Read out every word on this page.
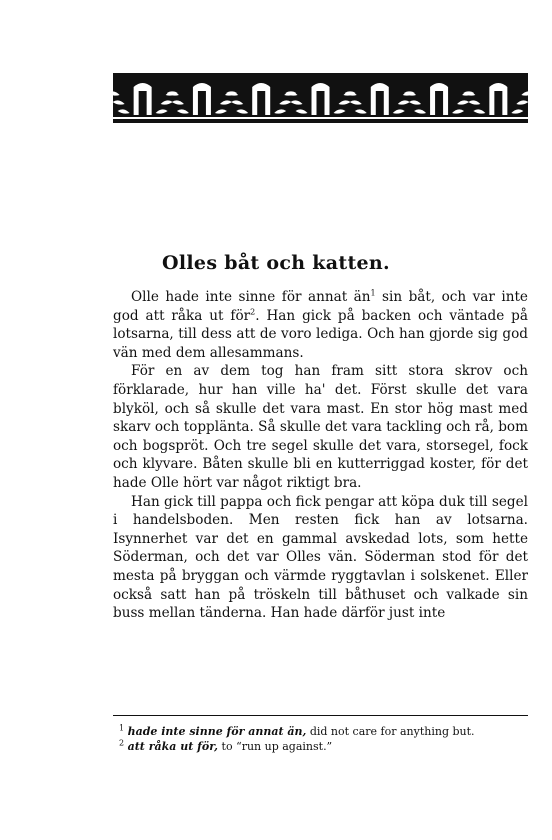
Olles båt och katten.

Olle hade inte sinne för annat $än^1$ sin båt, och var inte god att råka ut för$^2$. Han gick på backen och väntade på lotsarna, till dess att de voro lediga. Och han gjorde sig god vän med dem allesammans.

För en av dem tog han fram sitt stora skrov och förklarade, hur han ville ha' det. Först skulle det vara blyköl, och så skulle det vara mast. En stor hög mast med skarv och topplänta. Så skulle det vara tackling och rå, bom och bogspröt. Och tre segel skulle det vara, storsegel, fock och klyvare. Båten skulle bli en kutterriggad koster, för det hade Olle hört var något riktigt bra.

Han gick till pappa och fick pengar att köpa duk till segel i handelsboden. Men resten fick han av lotsarna. Isynnerhet var det en gammal avskedad lots, som hette Söderman, och det var Olles vän. Söderman stod för det mesta på bryggan och värmde ryggtavlan i solskenet. Eller också satt han på tröskeln till båthuset och valkade sin buss mellan tänderna. Han hade därför just inte

$^1$ hade inte sinne för annat än, did not care for anything but.
$^2$ att råka ut för, to “run up against.”
